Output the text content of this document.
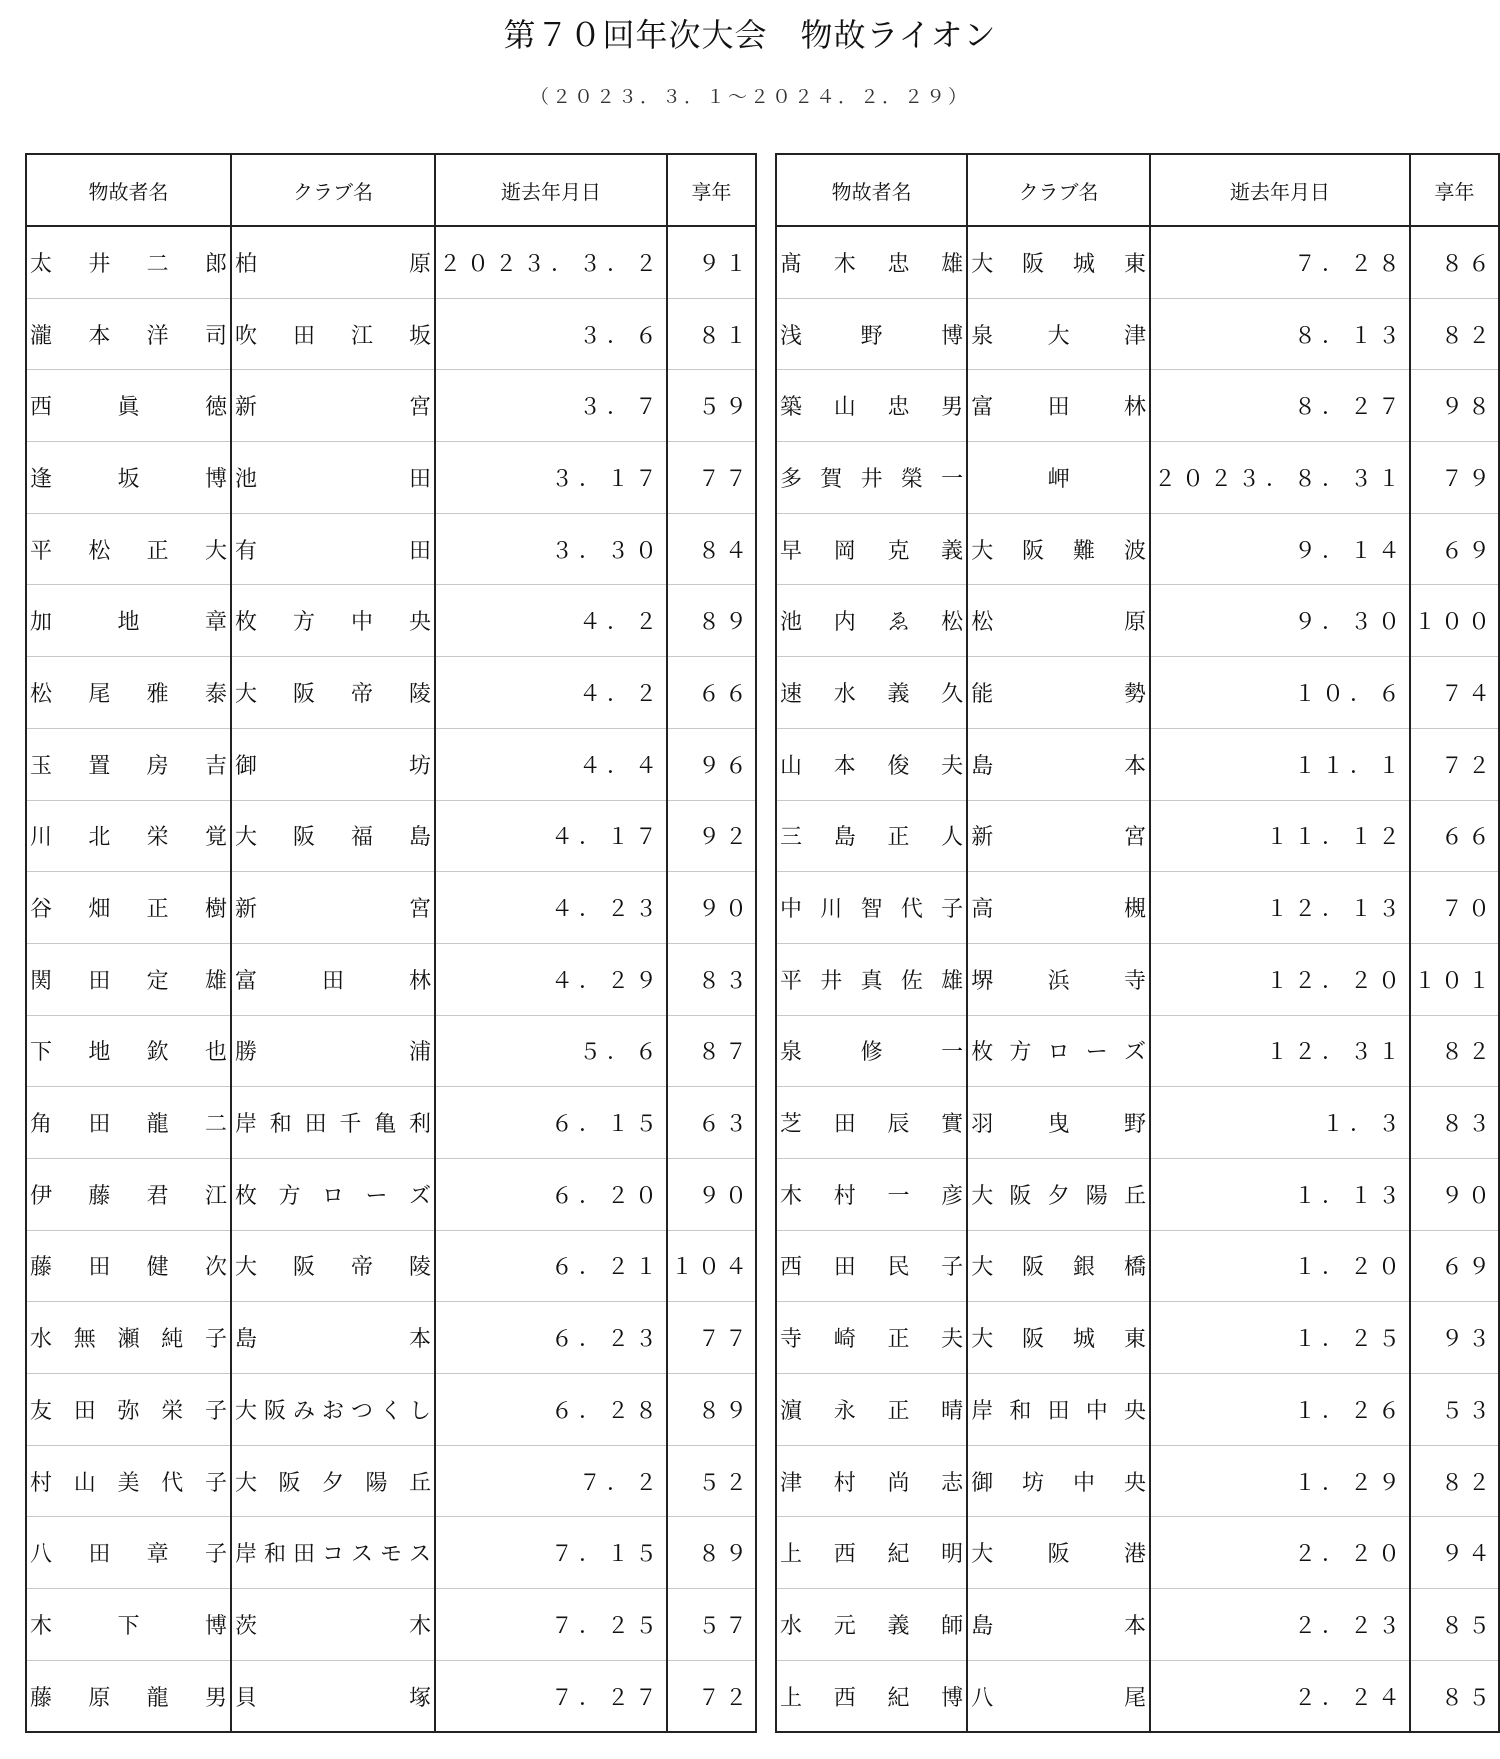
第７０回年次大会　物故ライオン
（２０２３．３．１～２０２４．２．２９）
物故者名	クラブ名	逝去年月日	享年
太 井 二 郎	柏 原	２０２３．３．２	９１
瀧 本 洋 司	吹 田 江 坂	３．６	８１
西 眞 徳	新 宮	３．７	５９
逢 坂 博	池 田	３．１７	７７
平 松 正 大	有 田	３．３０	８４
加 地 章	枚 方 中 央	４．２	８９
松 尾 雅 泰	大 阪 帝 陵	４．２	６６
玉 置 房 吉	御 坊	４．４	９６
川 北 栄 覚	大 阪 福 島	４．１７	９２
谷 畑 正 樹	新 宮	４．２３	９０
関 田 定 雄	富 田 林	４．２９	８３
下 地 欽 也	勝 浦	５．６	８７
角 田 龍 二	岸 和 田 千 亀 利	６．１５	６３
伊 藤 君 江	枚 方 ロ ー ズ	６．２０	９０
藤 田 健 次	大 阪 帝 陵	６．２１	１０４
水 無 瀬 純 子	島 本	６．２３	７７
友 田 弥 栄 子	大 阪 み お つ く し	６．２８	８９
村 山 美 代 子	大 阪 夕 陽 丘	７．２	５２
八 田 章 子	岸 和 田 コ ス モ ス	７．１５	８９
木 下 博	茨 木	７．２５	５７
藤 原 龍 男	貝 塚	７．２７	７２
物故者名	クラブ名	逝去年月日	享年
髙 木 忠 雄	大 阪 城 東	７．２８	８６
浅 野 博	泉 大 津	８．１３	８２
築 山 忠 男	富 田 林	８．２７	９８
多 賀 井 榮 一	岬	２０２３．８．３１	７９
早 岡 克 義	大 阪 難 波	９．１４	６９
池 内 ゑ 松	松 原	９．３０	１００
速 水 義 久	能 勢	１０．６	７４
山 本 俊 夫	島 本	１１．１	７２
三 島 正 人	新 宮	１１．１２	６６
中 川 智 代 子	高 槻	１２．１３	７０
平 井 真 佐 雄	堺 浜 寺	１２．２０	１０１
泉 修 一	枚 方 ロ ー ズ	１２．３１	８２
芝 田 辰 實	羽 曳 野	１．３	８３
木 村 一 彦	大 阪 夕 陽 丘	１．１３	９０
西 田 民 子	大 阪 銀 橋	１．２０	６９
寺 崎 正 夫	大 阪 城 東	１．２５	９３
濵 永 正 晴	岸 和 田 中 央	１．２６	５３
津 村 尚 志	御 坊 中 央	１．２９	８２
上 西 紀 明	大 阪 港	２．２０	９４
水 元 義 師	島 本	２．２３	８５
上 西 紀 博	八 尾	２．２４	８５
